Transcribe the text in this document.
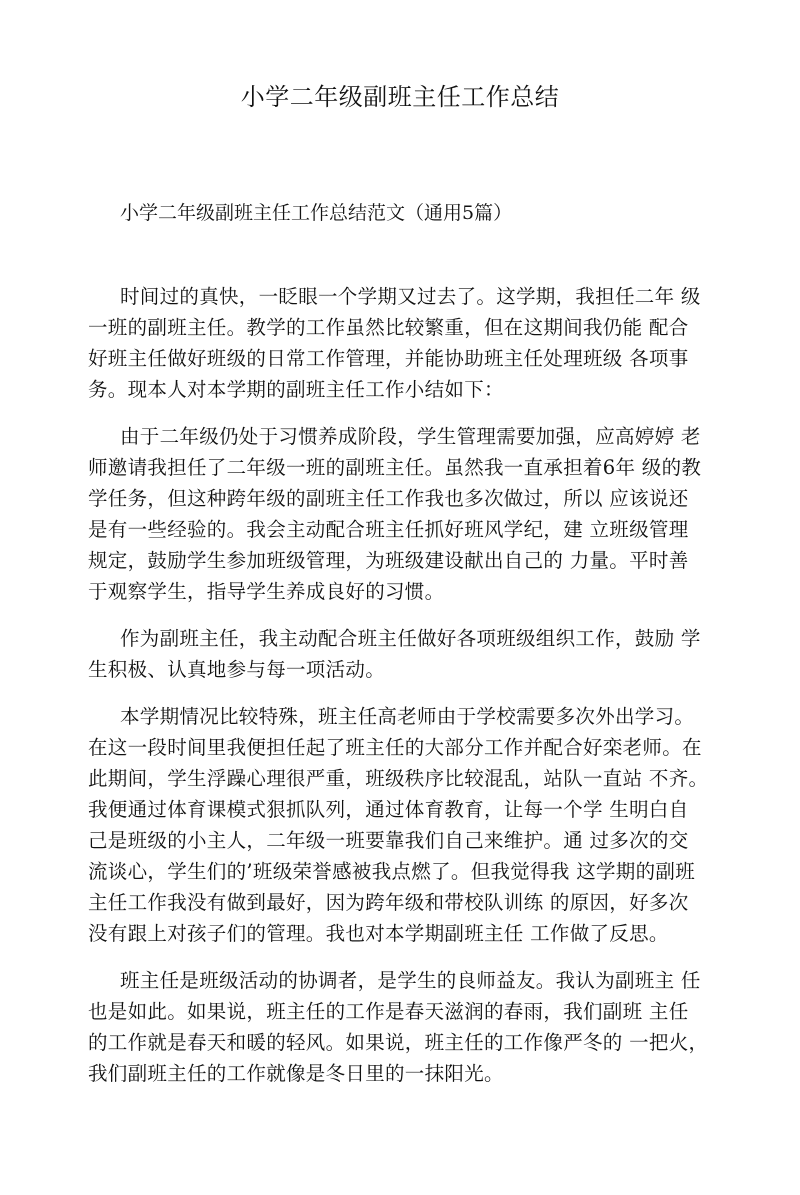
小学二年级副班主任工作总结

小学二年级副班主任工作总结范文（通用5篇）

时间过的真快，一眨眼一个学期又过去了。这学期，我担任二年 级
一班的副班主任。教学的工作虽然比较繁重，但在这期间我仍能 配合
好班主任做好班级的日常工作管理，并能协助班主任处理班级 各项事
务。现本人对本学期的副班主任工作小结如下：
由于二年级仍处于习惯养成阶段，学生管理需要加强，应高婷婷 老
师邀请我担任了二年级一班的副班主任。虽然我一直承担着6年 级的教
学任务，但这种跨年级的副班主任工作我也多次做过，所以 应该说还
是有一些经验的。我会主动配合班主任抓好班风学纪，建 立班级管理
规定，鼓励学生参加班级管理，为班级建设献出自己的 力量。平时善
于观察学生，指导学生养成良好的习惯。
作为副班主任，我主动配合班主任做好各项班级组织工作，鼓励 学
生积极、认真地参与每一项活动。
本学期情况比较特殊，班主任高老师由于学校需要多次外出学习。
在这一段时间里我便担任起了班主任的大部分工作并配合好栾老师。在
此期间，学生浮躁心理很严重，班级秩序比较混乱，站队一直站 不齐。
我便通过体育课模式狠抓队列，通过体育教育，让每一个学 生明白自
己是班级的小主人，二年级一班要靠我们自己来维护。通 过多次的交
流谈心，学生们的’班级荣誉感被我点燃了。但我觉得我 这学期的副班
主任工作我没有做到最好，因为跨年级和带校队训练 的原因，好多次
没有跟上对孩子们的管理。我也对本学期副班主任 工作做了反思。
班主任是班级活动的协调者，是学生的良师益友。我认为副班主 任
也是如此。如果说，班主任的工作是春天滋润的春雨，我们副班 主任
的工作就是春天和暖的轻风。如果说，班主任的工作像严冬的 一把火，
我们副班主任的工作就像是冬日里的一抹阳光。
